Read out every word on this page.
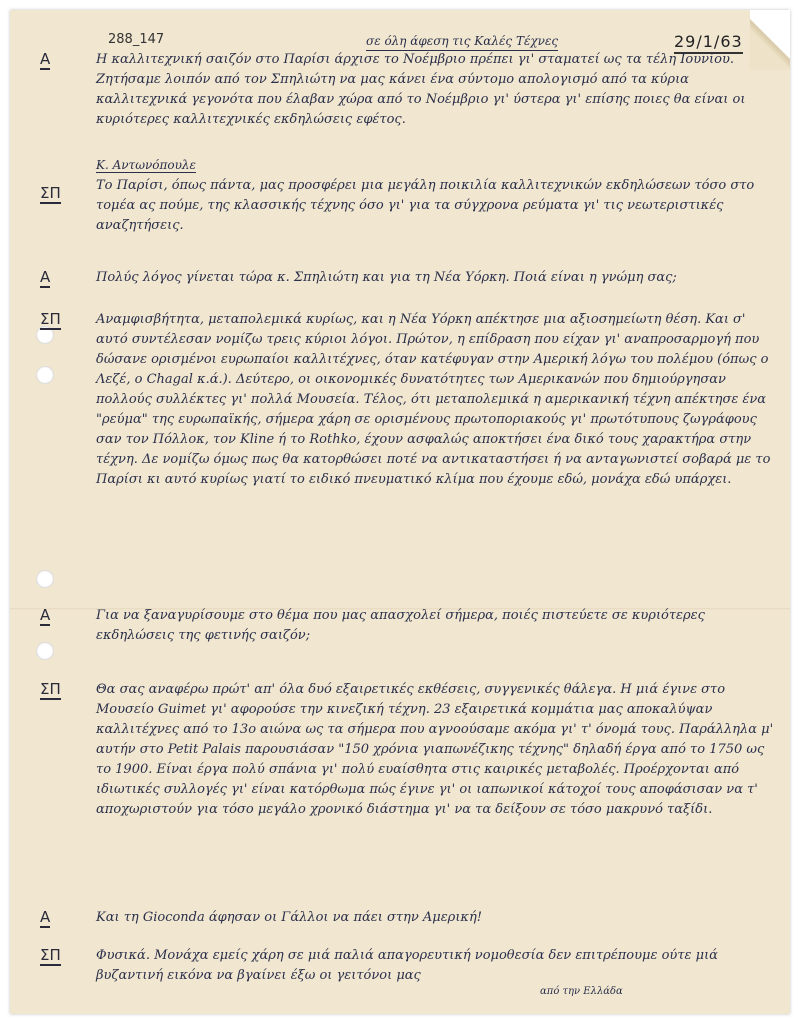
288_147	σε όλη άφεση τις Καλές Τέχνες	29/1/63
Α	Η καλλιτεχνική σαιζόν στο Παρίσι άρχισε το Νοέμβριο πρέπει γι' σταματεί ως τα τέλη Ιουνίου. Ζητήσαμε λοιπόν από τον Σπηλιώτη να μας κάνει ένα σύντομο απολογισμό από τα κύρια καλλιτεχνικά γεγονότα που έλαβαν χώρα από το Νοέμβριο γι' ύστερα γι' επίσης ποιες θα είναι οι κυριότερες καλλιτεχνικές εκδηλώσεις εφέτος.
Κ. Αντωνόπουλε
ΣΠ	Το Παρίσι, όπως πάντα, μας προσφέρει μια μεγάλη ποικιλία καλλιτεχνικών εκδηλώσεων τόσο στο τομέα ας πούμε, της κλασσικής τέχνης όσο γι' για τα σύγχρονα ρεύματα γι' τις νεωτεριστικές αναζητήσεις.
Α	Πολύς λόγος γίνεται τώρα κ. Σπηλιώτη και για τη Νέα Υόρκη. Ποιά είναι η γνώμη σας;
ΣΠ	Αναμφισβήτητα, μεταπολεμικά κυρίως, και η Νέα Υόρκη απέκτησε μια αξιοσημείωτη θέση. Και σ' αυτό συντέλεσαν νομίζω τρεις κύριοι λόγοι. Πρώτον, η επίδραση που είχαν γι' αναπροσαρμογή που δώσανε ορισμένοι ευρωπαίοι καλλιτέχνες, όταν κατέφυγαν στην Αμερική λόγω του πολέμου (όπως ο Λεζέ, ο Chagal κ.ά.). Δεύτερο, οι οικονομικές δυνατότητες των Αμερικανών που δημιούργησαν πολλούς συλλέκτες γι' πολλά Μουσεία. Τέλος, ότι μεταπολεμικά η αμερικανική τέχνη απέκτησε ένα "ρεύμα" της ευρωπαϊκής, σήμερα χάρη σε ορισμένους πρωτοποριακούς γι' πρωτότυπους ζωγράφους σαν τον Πόλλοκ, τον Kline ή το Rothko, έχουν ασφαλώς αποκτήσει ένα δικό τους χαρακτήρα στην τέχνη. Δε νομίζω όμως πως θα κατορθώσει ποτέ να αντικαταστήσει ή να ανταγωνιστεί σοβαρά με το Παρίσι κι αυτό κυρίως γιατί το ειδικό πνευματικό κλίμα που έχουμε εδώ, μονάχα εδώ υπάρχει.
Α	Για να ξαναγυρίσουμε στο θέμα που μας απασχολεί σήμερα, ποιές πιστεύετε σε κυριότερες εκδηλώσεις της φετινής σαιζόν;
ΣΠ	Θα σας αναφέρω πρώτ' απ' όλα δυό εξαιρετικές εκθέσεις, συγγενικές θάλεγα. Η μιά έγινε στο Μουσείο Guimet γι' αφορούσε την κινεζική τέχνη. 23 εξαιρετικά κομμάτια μας αποκαλύψαν καλλιτέχνες από το 13ο αιώνα ως τα σήμερα που αγνοούσαμε ακόμα γι' τ' όνομά τους. Παράλληλα μ' αυτήν στο Petit Palais παρουσιάσαν "150 χρόνια γιαπωνέζικης τέχνης" δηλαδή έργα από το 1750 ως το 1900. Είναι έργα πολύ σπάνια γι' πολύ ευαίσθητα στις καιρικές μεταβολές. Προέρχονται από ιδιωτικές συλλογές γι' είναι κατόρθωμα πώς έγινε γι' οι ιαπωνικοί κάτοχοί τους αποφάσισαν να τ' αποχωριστούν για τόσο μεγάλο χρονικό διάστημα γι' να τα δείξουν σε τόσο μακρυνό ταξίδι.
Α	Και τη Gioconda άφησαν οι Γάλλοι να πάει στην Αμερική!
ΣΠ	Φυσικά. Μονάχα εμείς χάρη σε μιά παλιά απαγορευτική νομοθεσία δεν επιτρέπουμε ούτε μιά βυζαντινή εικόνα να βγαίνει έξω οι γειτόνοι μας
από την Ελλάδα
